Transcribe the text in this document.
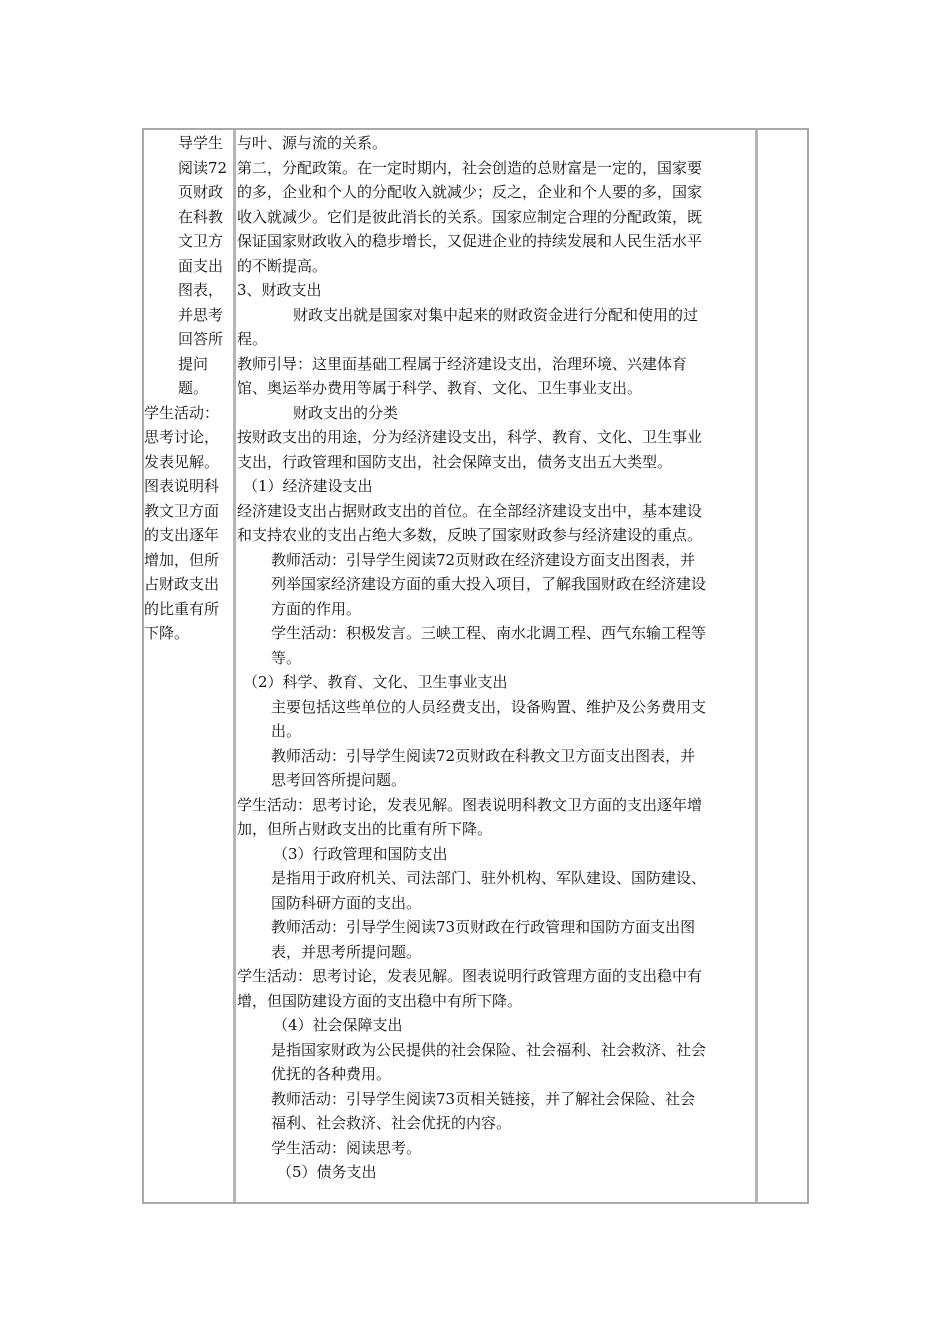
导学生

阅读72

页财政

在科教

文卫方

面支出

图表，

并思考

回答所

提问

题。

学生活动：

思考讨论，

发表见解。

图表说明科

教文卫方面

的支出逐年

增加，但所

占财政支出

的比重有所

下降。

与叶、源与流的关系。

第二，分配政策。在一定时期内，社会创造的总财富是一定的，国家要

的多，企业和个人的分配收入就减少；反之，企业和个人要的多，国家

收入就减少。它们是彼此消长的关系。国家应制定合理的分配政策，既

保证国家财政收入的稳步增长，又促进企业的持续发展和人民生活水平

的不断提高。

3、财政支出

财政支出就是国家对集中起来的财政资金进行分配和使用的过

程。

教师引导：这里面基础工程属于经济建设支出，治理环境、兴建体育

馆、奥运举办费用等属于科学、教育、文化、卫生事业支出。

财政支出的分类

按财政支出的用途，分为经济建设支出，科学、教育、文化、卫生事业

支出，行政管理和国防支出，社会保障支出，债务支出五大类型。

（1）经济建设支出

经济建设支出占据财政支出的首位。在全部经济建设支出中，基本建设

和支持农业的支出占绝大多数，反映了国家财政参与经济建设的重点。

教师活动：引导学生阅读72页财政在经济建设方面支出图表，并

列举国家经济建设方面的重大投入项目，了解我国财政在经济建设

方面的作用。

学生活动：积极发言。三峡工程、南水北调工程、西气东输工程等

等。

（2）科学、教育、文化、卫生事业支出

主要包括这些单位的人员经费支出，设备购置、维护及公务费用支

出。

教师活动：引导学生阅读72页财政在科教文卫方面支出图表，并

思考回答所提问题。

学生活动：思考讨论，发表见解。图表说明科教文卫方面的支出逐年增

加，但所占财政支出的比重有所下降。

（3）行政管理和国防支出

是指用于政府机关、司法部门、驻外机构、军队建设、国防建设、

国防科研方面的支出。

教师活动：引导学生阅读73页财政在行政管理和国防方面支出图

表，并思考所提问题。

学生活动：思考讨论，发表见解。图表说明行政管理方面的支出稳中有

增，但国防建设方面的支出稳中有所下降。

（4）社会保障支出

是指国家财政为公民提供的社会保险、社会福利、社会救济、社会

优抚的各种费用。

教师活动：引导学生阅读73页相关链接，并了解社会保险、社会

福利、社会救济、社会优抚的内容。

学生活动：阅读思考。

（5）债务支出
